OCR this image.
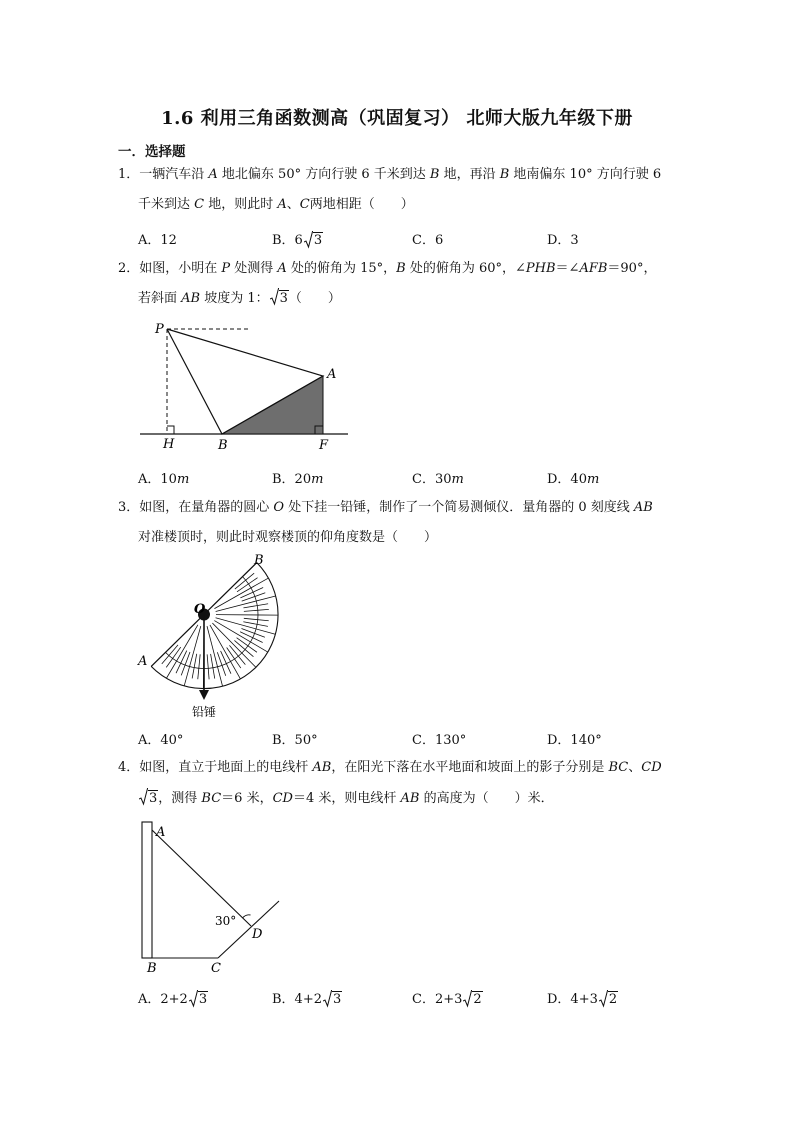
1.6 利用三角函数测高（巩固复习） 北师大版九年级下册
一．选择题
1．一辆汽车沿 A 地北偏东 50° 方向行驶 6 千米到达 B 地，再沿 B 地南偏东 10° 方向行驶 6
千米到达 C 地，则此时 A、C两地相距（　　）
A．12	B．6 3	C．6	D．3
2．如图，小明在 P 处测得 A 处的俯角为 15°，B 处的俯角为 60°，∠PHB＝∠AFB＝90°，
若斜面 AB 坡度为 1： 3（　　）
P
A
H	B	F
A．10m	B．20m	C．30m	D．40m
3．如图，在量角器的圆心 O 处下挂一铅锤，制作了一个简易测倾仪．量角器的 0 刻度线 AB
对准楼顶时，则此时观察楼顶的仰角度数是（　　）
B
O
A
铅锤
A．40°	B．50°	C．130°	D．140°
4．如图，直立于地面上的电线杆 AB，在阳光下落在水平地面和坡面上的影子分别是 BC、CD
3，测得 BC＝6 米，CD＝4 米，则电线杆 AB 的高度为（　　）米．
A
B	C
D
30°
A．2+2 3	B．4+2 3	C．2+3 2	D．4+3 2
